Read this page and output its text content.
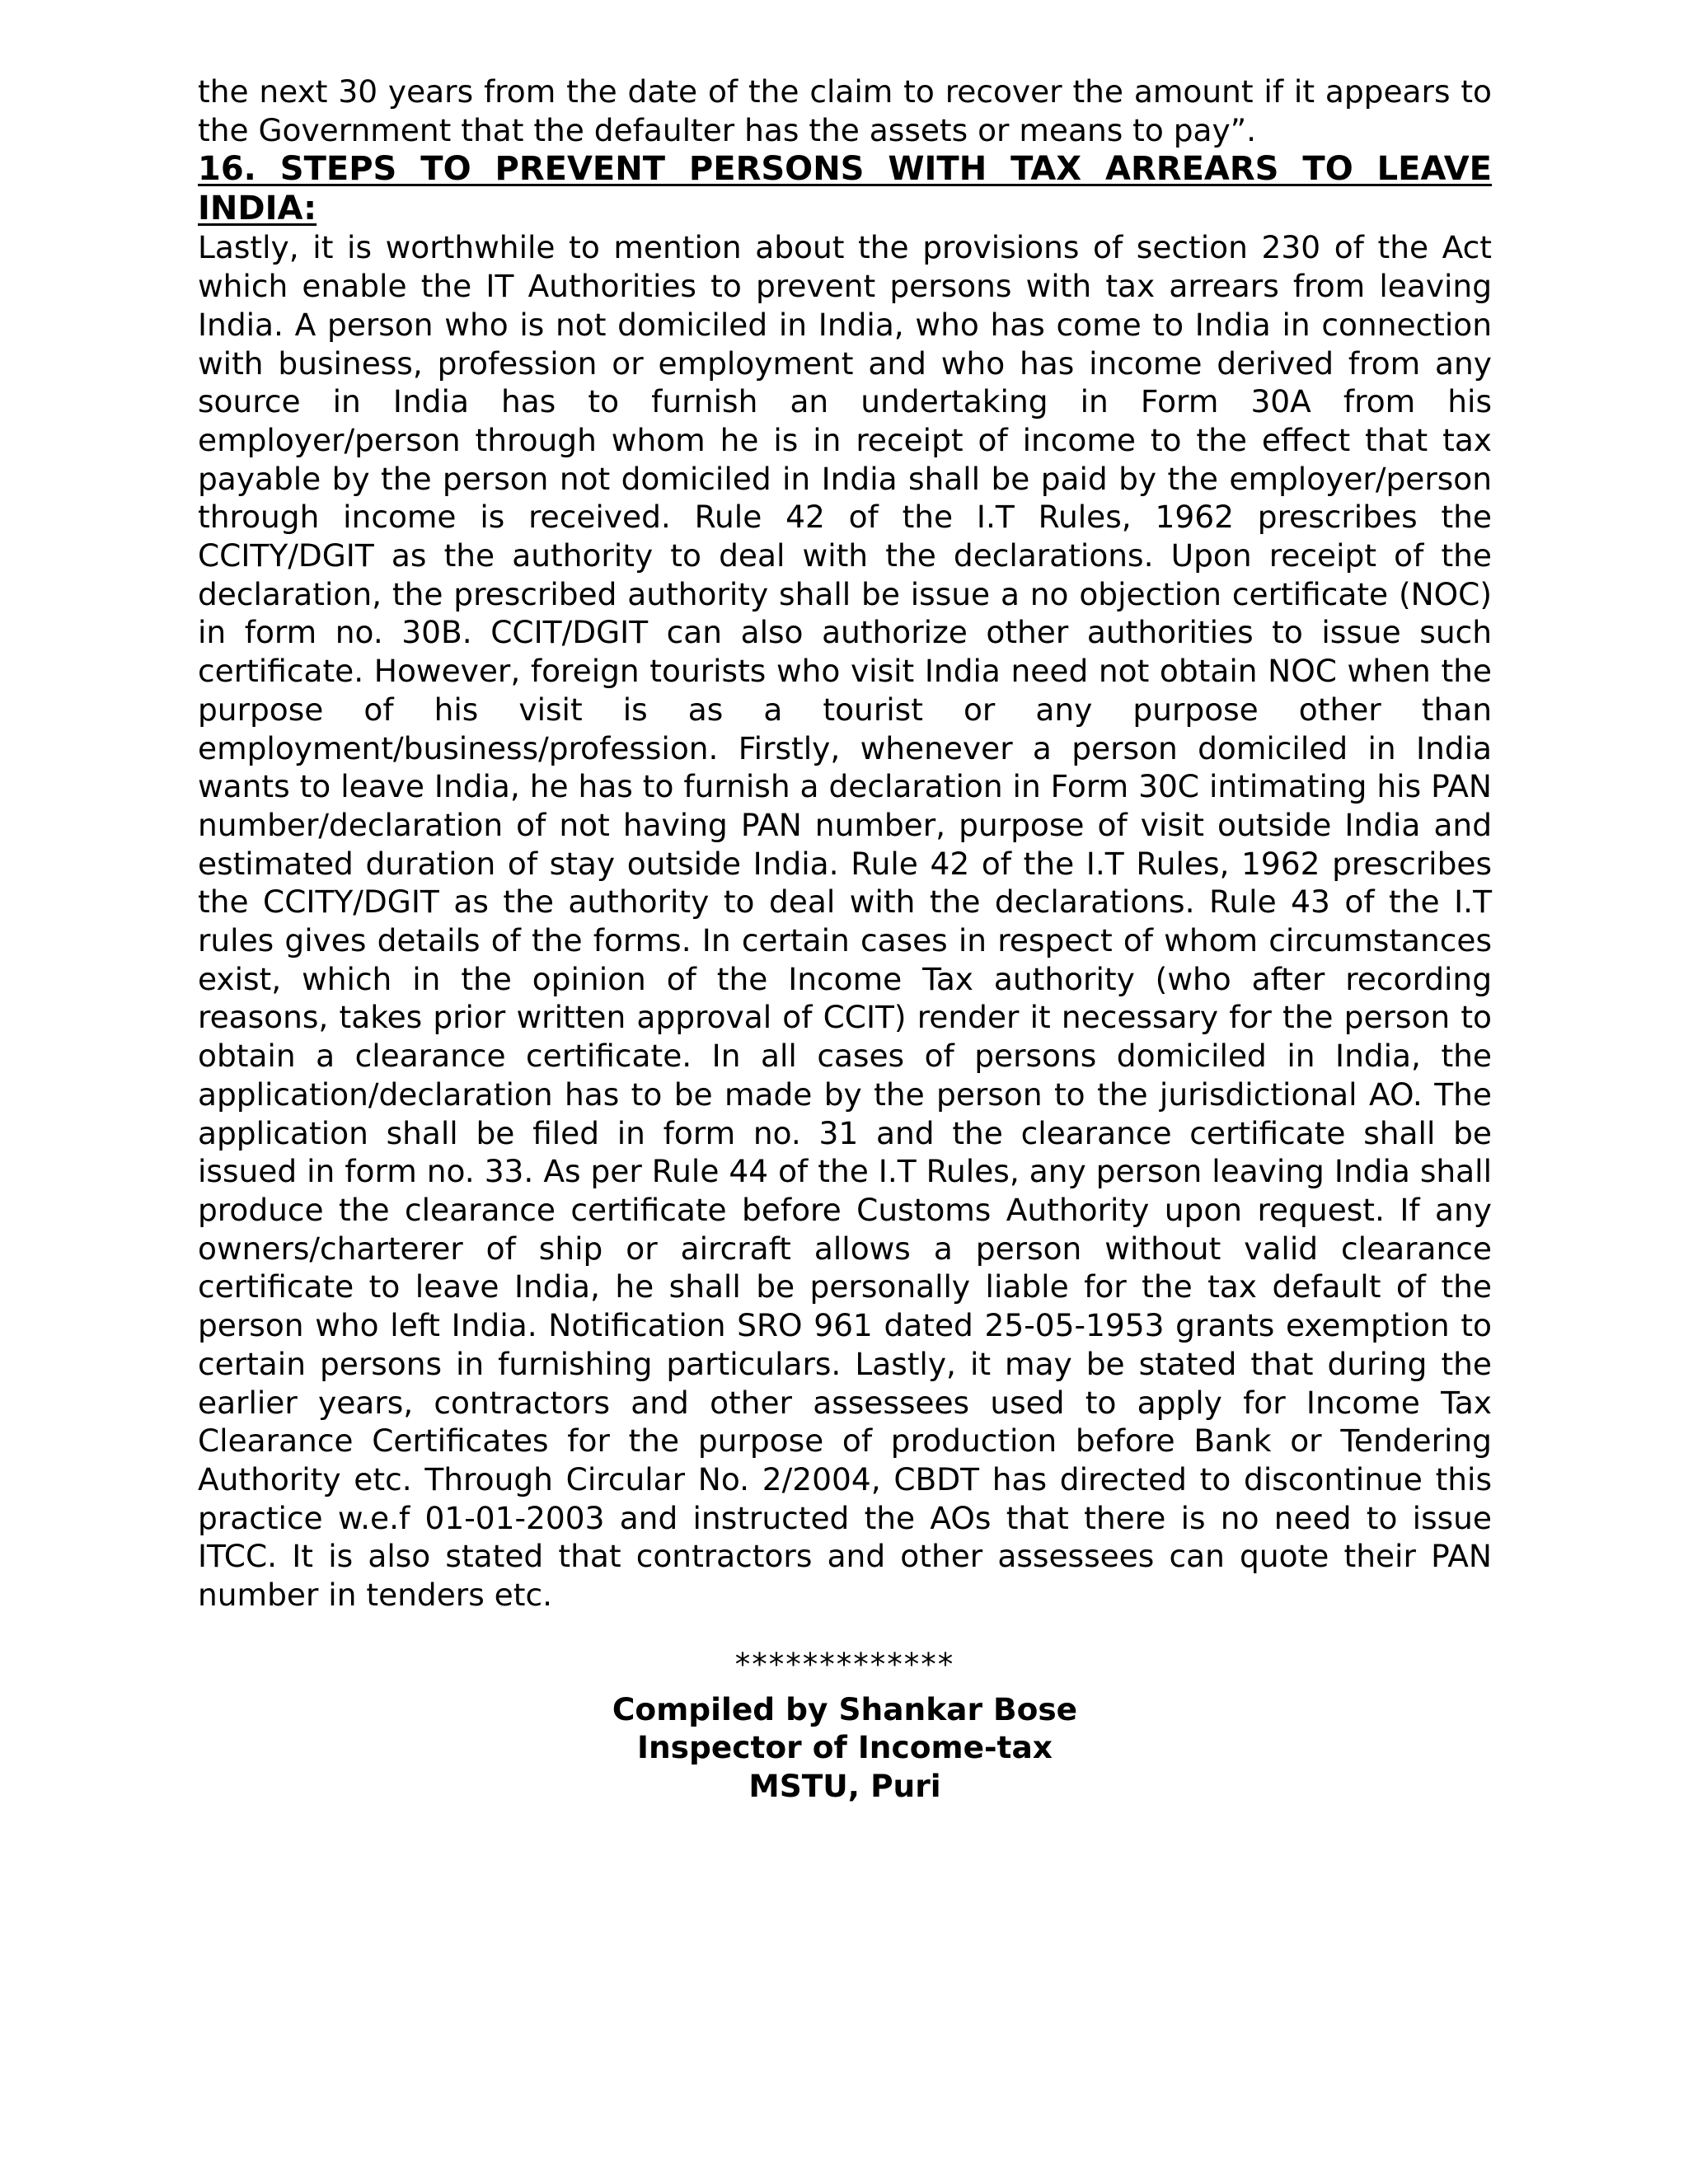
the next 30 years from the date of the claim to recover the amount if it appears to the Government that the defaulter has the assets or means to pay”.

16. STEPS TO PREVENT PERSONS WITH TAX ARREARS TO LEAVE INDIA:

Lastly, it is worthwhile to mention about the provisions of section 230 of the Act which enable the IT Authorities to prevent persons with tax arrears from leaving India. A person who is not domiciled in India, who has come to India in connection with business, profession or employment and who has income derived from any source in India has to furnish an undertaking in Form 30A from his employer/person through whom he is in receipt of income to the effect that tax payable by the person not domiciled in India shall be paid by the employer/person through income is received. Rule 42 of the I.T Rules, 1962 prescribes the CCITY/DGIT as the authority to deal with the declarations. Upon receipt of the declaration, the prescribed authority shall be issue a no objection certificate (NOC) in form no. 30B. CCIT/DGIT can also authorize other authorities to issue such certificate. However, foreign tourists who visit India need not obtain NOC when the purpose of his visit is as a tourist or any purpose other than employment/business/profession. Firstly, whenever a person domiciled in India wants to leave India, he has to furnish a declaration in Form 30C intimating his PAN number/declaration of not having PAN number, purpose of visit outside India and estimated duration of stay outside India. Rule 42 of the I.T Rules, 1962 prescribes the CCITY/DGIT as the authority to deal with the declarations. Rule 43 of the I.T rules gives details of the forms. In certain cases in respect of whom circumstances exist, which in the opinion of the Income Tax authority (who after recording reasons, takes prior written approval of CCIT) render it necessary for the person to obtain a clearance certificate. In all cases of persons domiciled in India, the application/declaration has to be made by the person to the jurisdictional AO. The application shall be filed in form no. 31 and the clearance certificate shall be issued in form no. 33. As per Rule 44 of the I.T Rules, any person leaving India shall produce the clearance certificate before Customs Authority upon request. If any owners/charterer of ship or aircraft allows a person without valid clearance certificate to leave India, he shall be personally liable for the tax default of the person who left India. Notification SRO 961 dated 25-05-1953 grants exemption to certain persons in furnishing particulars. Lastly, it may be stated that during the earlier years, contractors and other assessees used to apply for Income Tax Clearance Certificates for the purpose of production before Bank or Tendering Authority etc. Through Circular No. 2/2004, CBDT has directed to discontinue this practice w.e.f 01-01-2003 and instructed the AOs that there is no need to issue ITCC. It is also stated that contractors and other assessees can quote their PAN number in tenders etc.

*************
Compiled by Shankar Bose
Inspector of Income-tax
MSTU, Puri
